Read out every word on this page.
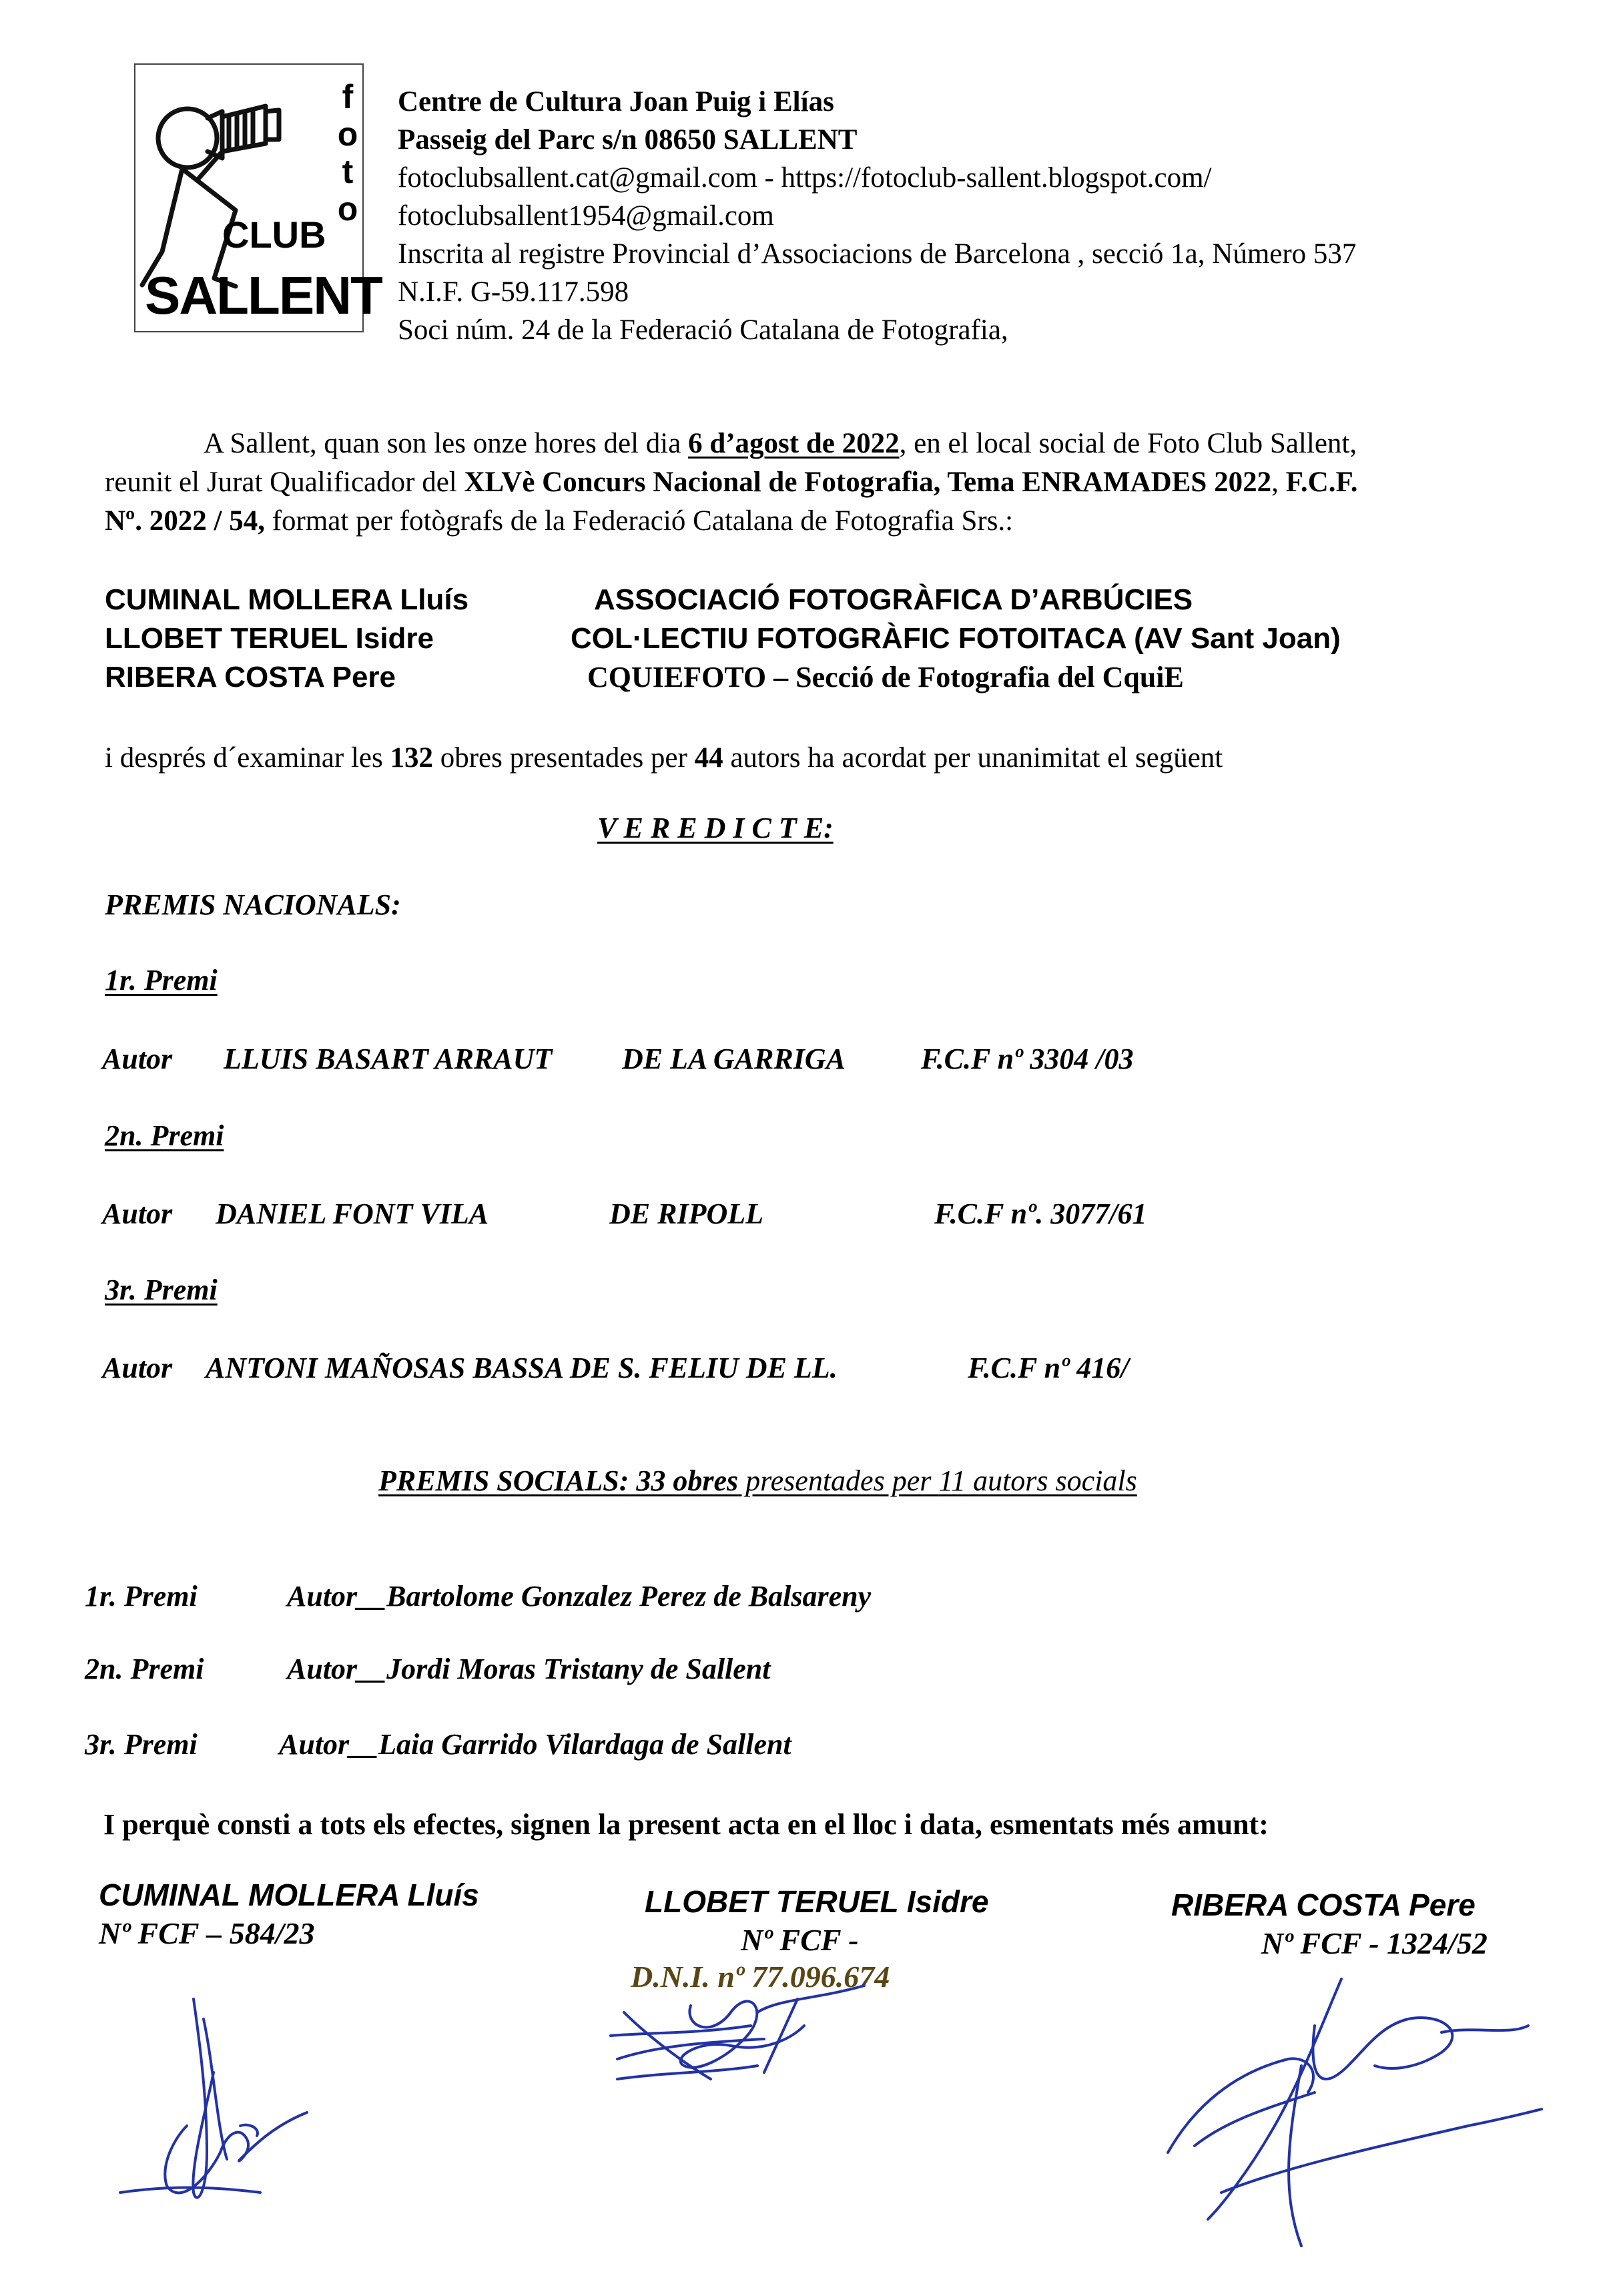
f
o
t
o
CLUB
SALLENT
Centre de Cultura Joan Puig i Elías
Passeig del Parc s/n 08650 SALLENT
fotoclubsallent.cat@gmail.com - https://fotoclub-sallent.blogspot.com/
fotoclubsallent1954@gmail.com
Inscrita al registre Provincial d’Associacions de Barcelona , secció 1a, Número 537
N.I.F. G-59.117.598
Soci núm. 24 de la Federació Catalana de Fotografia,
A Sallent, quan son les onze hores del dia 6 d’agost de 2022, en el local social de Foto Club Sallent,
reunit el Jurat Qualificador del XLVè Concurs Nacional de Fotografia, Tema ENRAMADES 2022, F.C.F.
Nº. 2022 / 54, format per fotògrafs de la Federació Catalana de Fotografia Srs.:
CUMINAL MOLLERA Lluís	ASSOCIACIÓ FOTOGRÀFICA D’ARBÚCIES
LLOBET TERUEL Isidre	COL·LECTIU FOTOGRÀFIC FOTOITACA (AV Sant Joan)
RIBERA COSTA Pere	CQUIEFOTO – Secció de Fotografia del CquiE
i després d´examinar les 132 obres presentades per 44 autors ha acordat per unanimitat el següent
V E R E D I C T E:
PREMIS NACIONALS:
1r. Premi
Autor LLUIS BASART ARRAUT DE LA GARRIGA	F.C.F nº 3304 /03
2n. Premi
Autor DANIEL FONT VILA	DE RIPOLL	F.C.F nº. 3077/61
3r. Premi
Autor ANTONI MAÑOSAS BASSA DE S. FELIU DE LL.	F.C.F nº 416/
PREMIS SOCIALS: 33 obres presentades per 11 autors socials
1r. Premi	Autor__Bartolome Gonzalez Perez de Balsareny
2n. Premi	Autor__Jordi Moras Tristany de Sallent
3r. Premi	Autor__Laia Garrido Vilardaga de Sallent
I perquè consti a tots els efectes, signen la present acta en el lloc i data, esmentats més amunt:
CUMINAL MOLLERA Lluís
Nº FCF – 584/23
LLOBET TERUEL Isidre
Nº FCF -
D.N.I. nº 77.096.674
RIBERA COSTA Pere
Nº FCF - 1324/52
